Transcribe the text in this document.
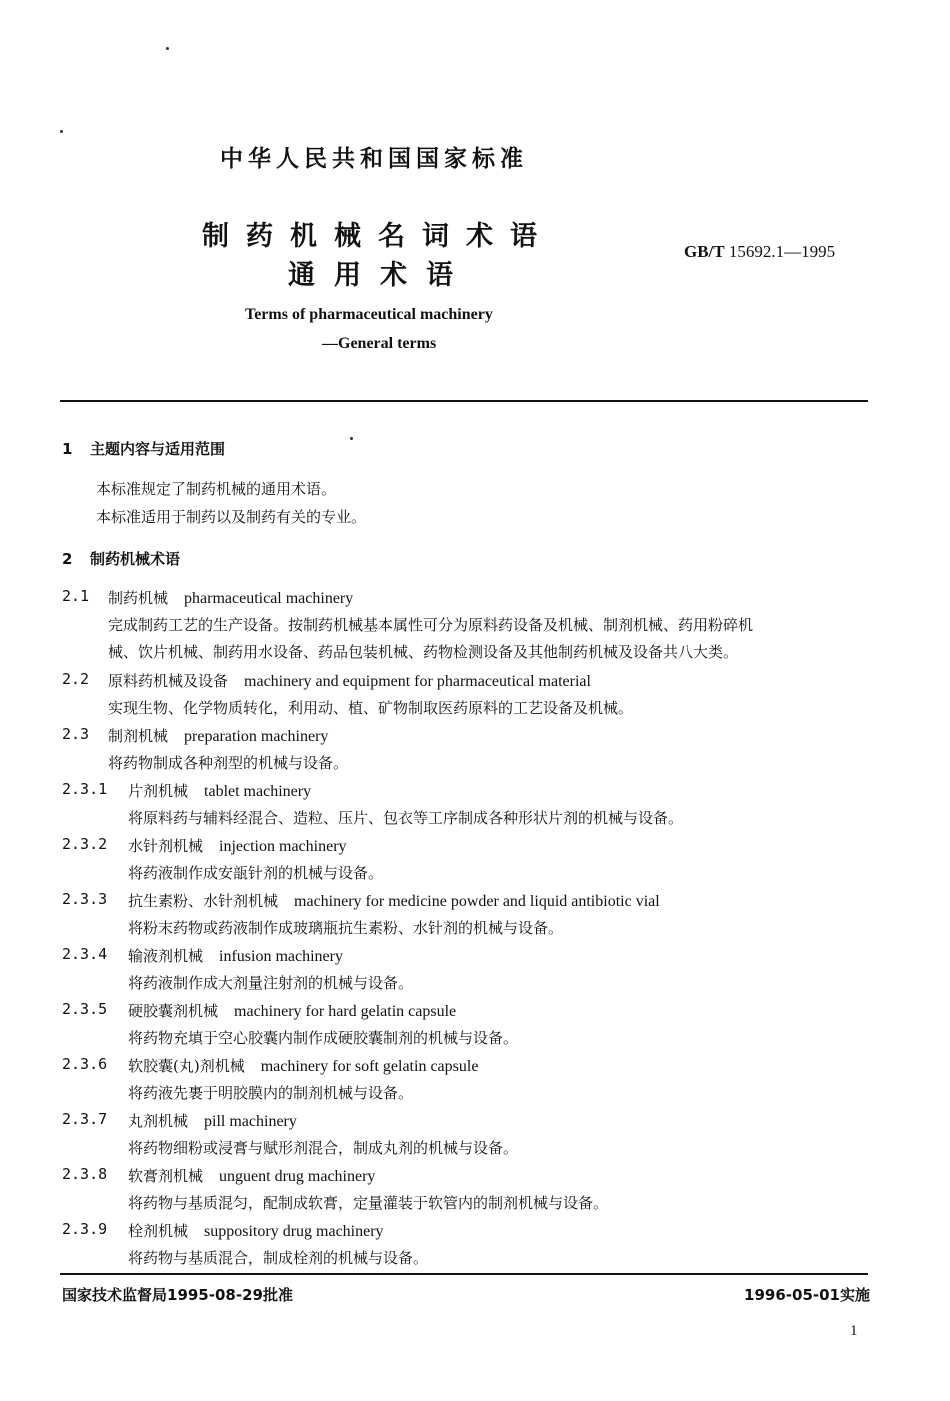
中华人民共和国国家标准
制药机械名词术语
通用术语
GB/T 15692.1—1995
Terms of pharmaceutical machinery
—General terms
1 主题内容与适用范围
本标准规定了制药机械的通用术语。
本标准适用于制药以及制药有关的专业。
2 制药机械术语
2.1 制药机械 pharmaceutical machinery
完成制药工艺的生产设备。按制药机械基本属性可分为原料药设备及机械、制剂机械、药用粉碎机
械、饮片机械、制药用水设备、药品包装机械、药物检测设备及其他制药机械及设备共八大类。
2.2 原料药机械及设备 machinery and equipment for pharmaceutical material
实现生物、化学物质转化，利用动、植、矿物制取医药原料的工艺设备及机械。
2.3 制剂机械 preparation machinery
将药物制成各种剂型的机械与设备。
2.3.1 片剂机械 tablet machinery
将原料药与辅料经混合、造粒、压片、包衣等工序制成各种形状片剂的机械与设备。
2.3.2 水针剂机械 injection machinery
将药液制作成安瓿针剂的机械与设备。
2.3.3 抗生素粉、水针剂机械 machinery for medicine powder and liquid antibiotic vial
将粉末药物或药液制作成玻璃瓶抗生素粉、水针剂的机械与设备。
2.3.4 输液剂机械 infusion machinery
将药液制作成大剂量注射剂的机械与设备。
2.3.5 硬胶囊剂机械 machinery for hard gelatin capsule
将药物充填于空心胶囊内制作成硬胶囊制剂的机械与设备。
2.3.6 软胶囊(丸)剂机械 machinery for soft gelatin capsule
将药液先裹于明胶膜内的制剂机械与设备。
2.3.7 丸剂机械 pill machinery
将药物细粉或浸膏与赋形剂混合，制成丸剂的机械与设备。
2.3.8 软膏剂机械 unguent drug machinery
将药物与基质混匀，配制成软膏，定量灌装于软管内的制剂机械与设备。
2.3.9 栓剂机械 suppository drug machinery
将药物与基质混合，制成栓剂的机械与设备。
国家技术监督局1995-08-29批准	1996-05-01实施
1
